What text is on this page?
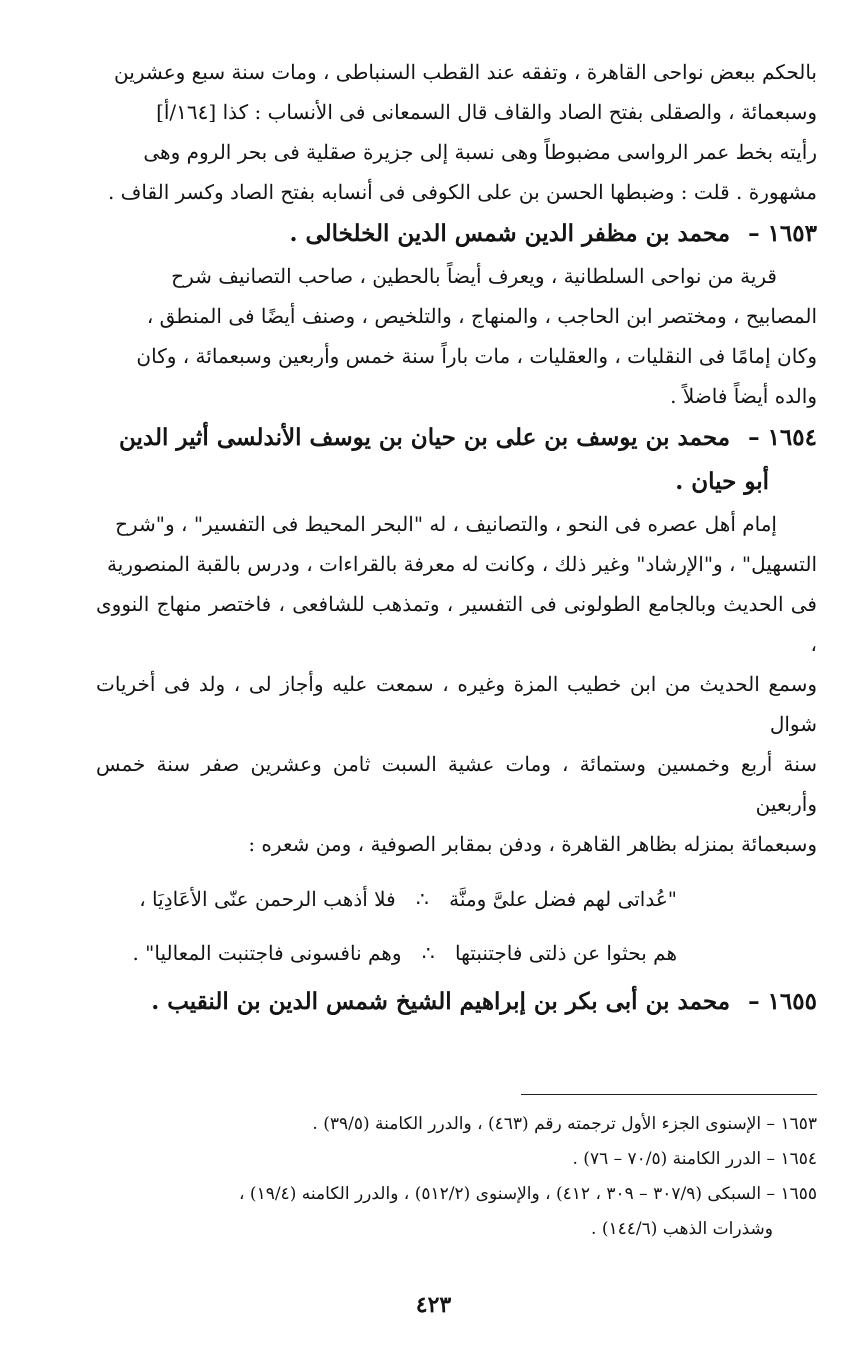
بالحكم ببعض نواحى القاهرة ، وتفقه عند القطب السنباطى ، ومات سنة سبع وعشرين

وسبعمائة ، والصقلى بفتح الصاد والقاف قال السمعانى فى الأنساب : كذا [١٦٤/أ]

رأيته بخط عمر الرواسى مضبوطاً وهى نسبة إلى جزيرة صقلية فى بحر الروم وهى

مشهورة . قلت : وضبطها الحسن بن على الكوفى فى أنسابه بفتح الصاد وكسر القاف .

١٦٥٣ – محمد بن مظفر الدين شمس الدين الخلخالى .

قرية من نواحى السلطانية ، ويعرف أيضاً بالحطين ، صاحب التصانيف شرح

المصابيح ، ومختصر ابن الحاجب ، والمنهاج ، والتلخيص ، وصنف أيضًا فى المنطق ،

وكان إمامًا فى النقليات ، والعقليات ، مات باراً سنة خمس وأربعين وسبعمائة ، وكان

والده أيضاً فاضلاً .

١٦٥٤ – محمد بن يوسف بن على بن حيان بن يوسف الأندلسى أثير الدين
أبو حيان .

إمام أهل عصره فى النحو ، والتصانيف ، له "البحر المحيط فى التفسير" ، و"شرح

التسهيل" ، و"الإرشاد" وغير ذلك ، وكانت له معرفة بالقراءات ، ودرس بالقبة المنصورية

فى الحديث وبالجامع الطولونى فى التفسير ، وتمذهب للشافعى ، فاختصر منهاج النووى ،

وسمع الحديث من ابن خطيب المزة وغيره ، سمعت عليه وأجاز لى ، ولد فى أخريات شوال

سنة أربع وخمسين وستمائة ، ومات عشية السبت ثامن وعشرين صفر سنة خمس وأربعين

وسبعمائة بمنزله بظاهر القاهرة ، ودفن بمقابر الصوفية ، ومن شعره :

"عُداتى لهم فضل علىَّ ومنَّة ∴ فلا أذهب الرحمن عنّى الأعَادِيَا ،
هم بحثوا عن ذلتى فاجتنبتها ∴ وهم نافسونى فاجتنبت المعاليا" .
١٦٥٥ – محمد بن أبى بكر بن إبراهيم الشيخ شمس الدين بن النقيب .

١٦٥٣ – الإسنوى الجزء الأول ترجمته رقم (٤٦٣) ، والدرر الكامنة (٣٩/٥) .

١٦٥٤ – الدرر الكامنة (٧٠/٥ – ٧٦) .

١٦٥٥ – السبكى (٣٠٧/٩ – ٣٠٩ ، ٤١٢) ، والإسنوى (٥١٢/٢) ، والدرر الكامنه (١٩/٤) ،

وشذرات الذهب (١٤٤/٦) .

٤٢٣
